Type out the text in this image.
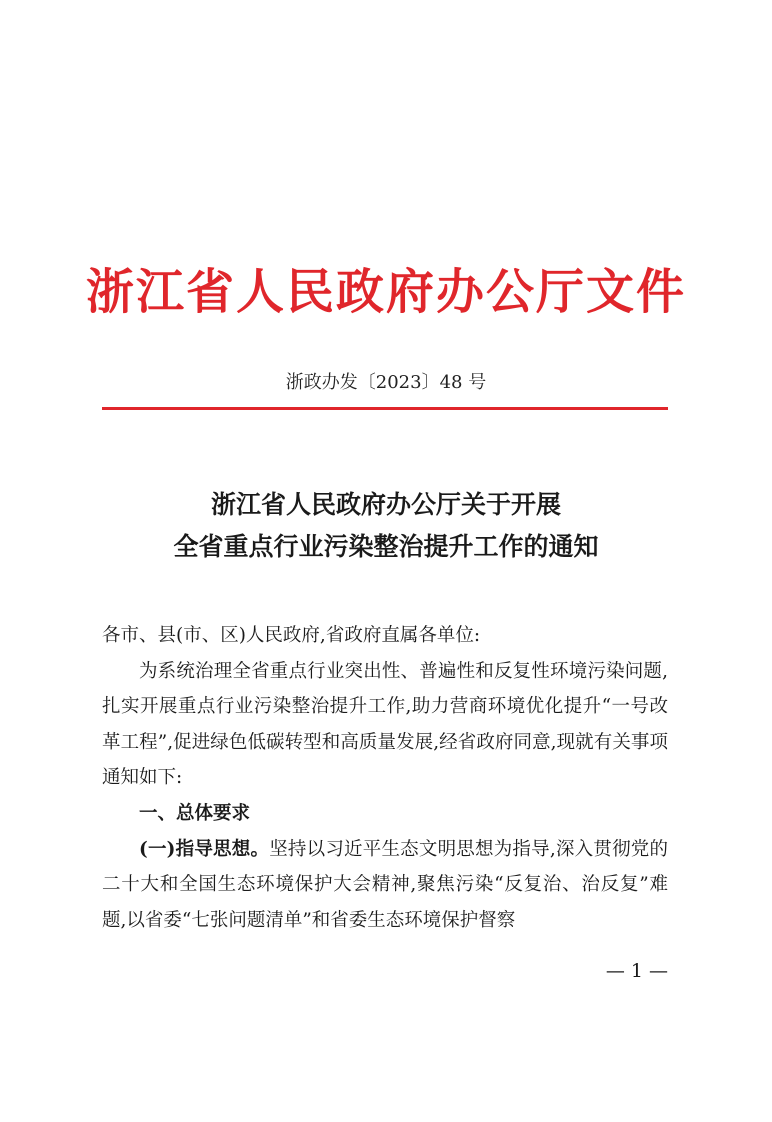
浙江省人民政府办公厅文件
浙政办发〔2023〕48 号
浙江省人民政府办公厅关于开展
全省重点行业污染整治提升工作的通知

各市、县(市、区)人民政府,省政府直属各单位:

为系统治理全省重点行业突出性、普遍性和反复性环境污染问题,扎实开展重点行业污染整治提升工作,助力营商环境优化提升“一号改革工程”,促进绿色低碳转型和高质量发展,经省政府同意,现就有关事项通知如下:

一、总体要求

(一)指导思想。坚持以习近平生态文明思想为指导,深入贯彻党的二十大和全国生态环境保护大会精神,聚焦污染“反复治、治反复”难题,以省委“七张问题清单”和省委生态环境保护督察

— 1 —
